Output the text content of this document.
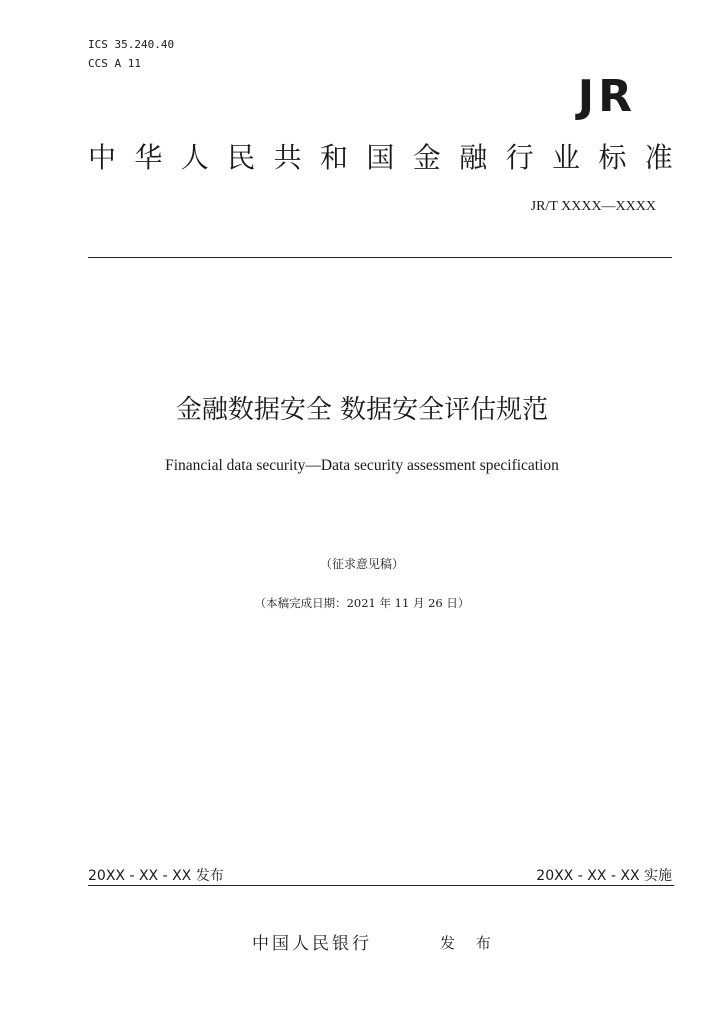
ICS 35.240.40
CCS A 11
JR
中华人民共和国金融行业标准
JR/T XXXX—XXXX
金融数据安全 数据安全评估规范
Financial data security—Data security assessment specification
（征求意见稿）
（本稿完成日期：2021 年 11 月 26 日）
20XX - XX - XX 发布	20XX - XX - XX 实施
中国人民银行	发 布
